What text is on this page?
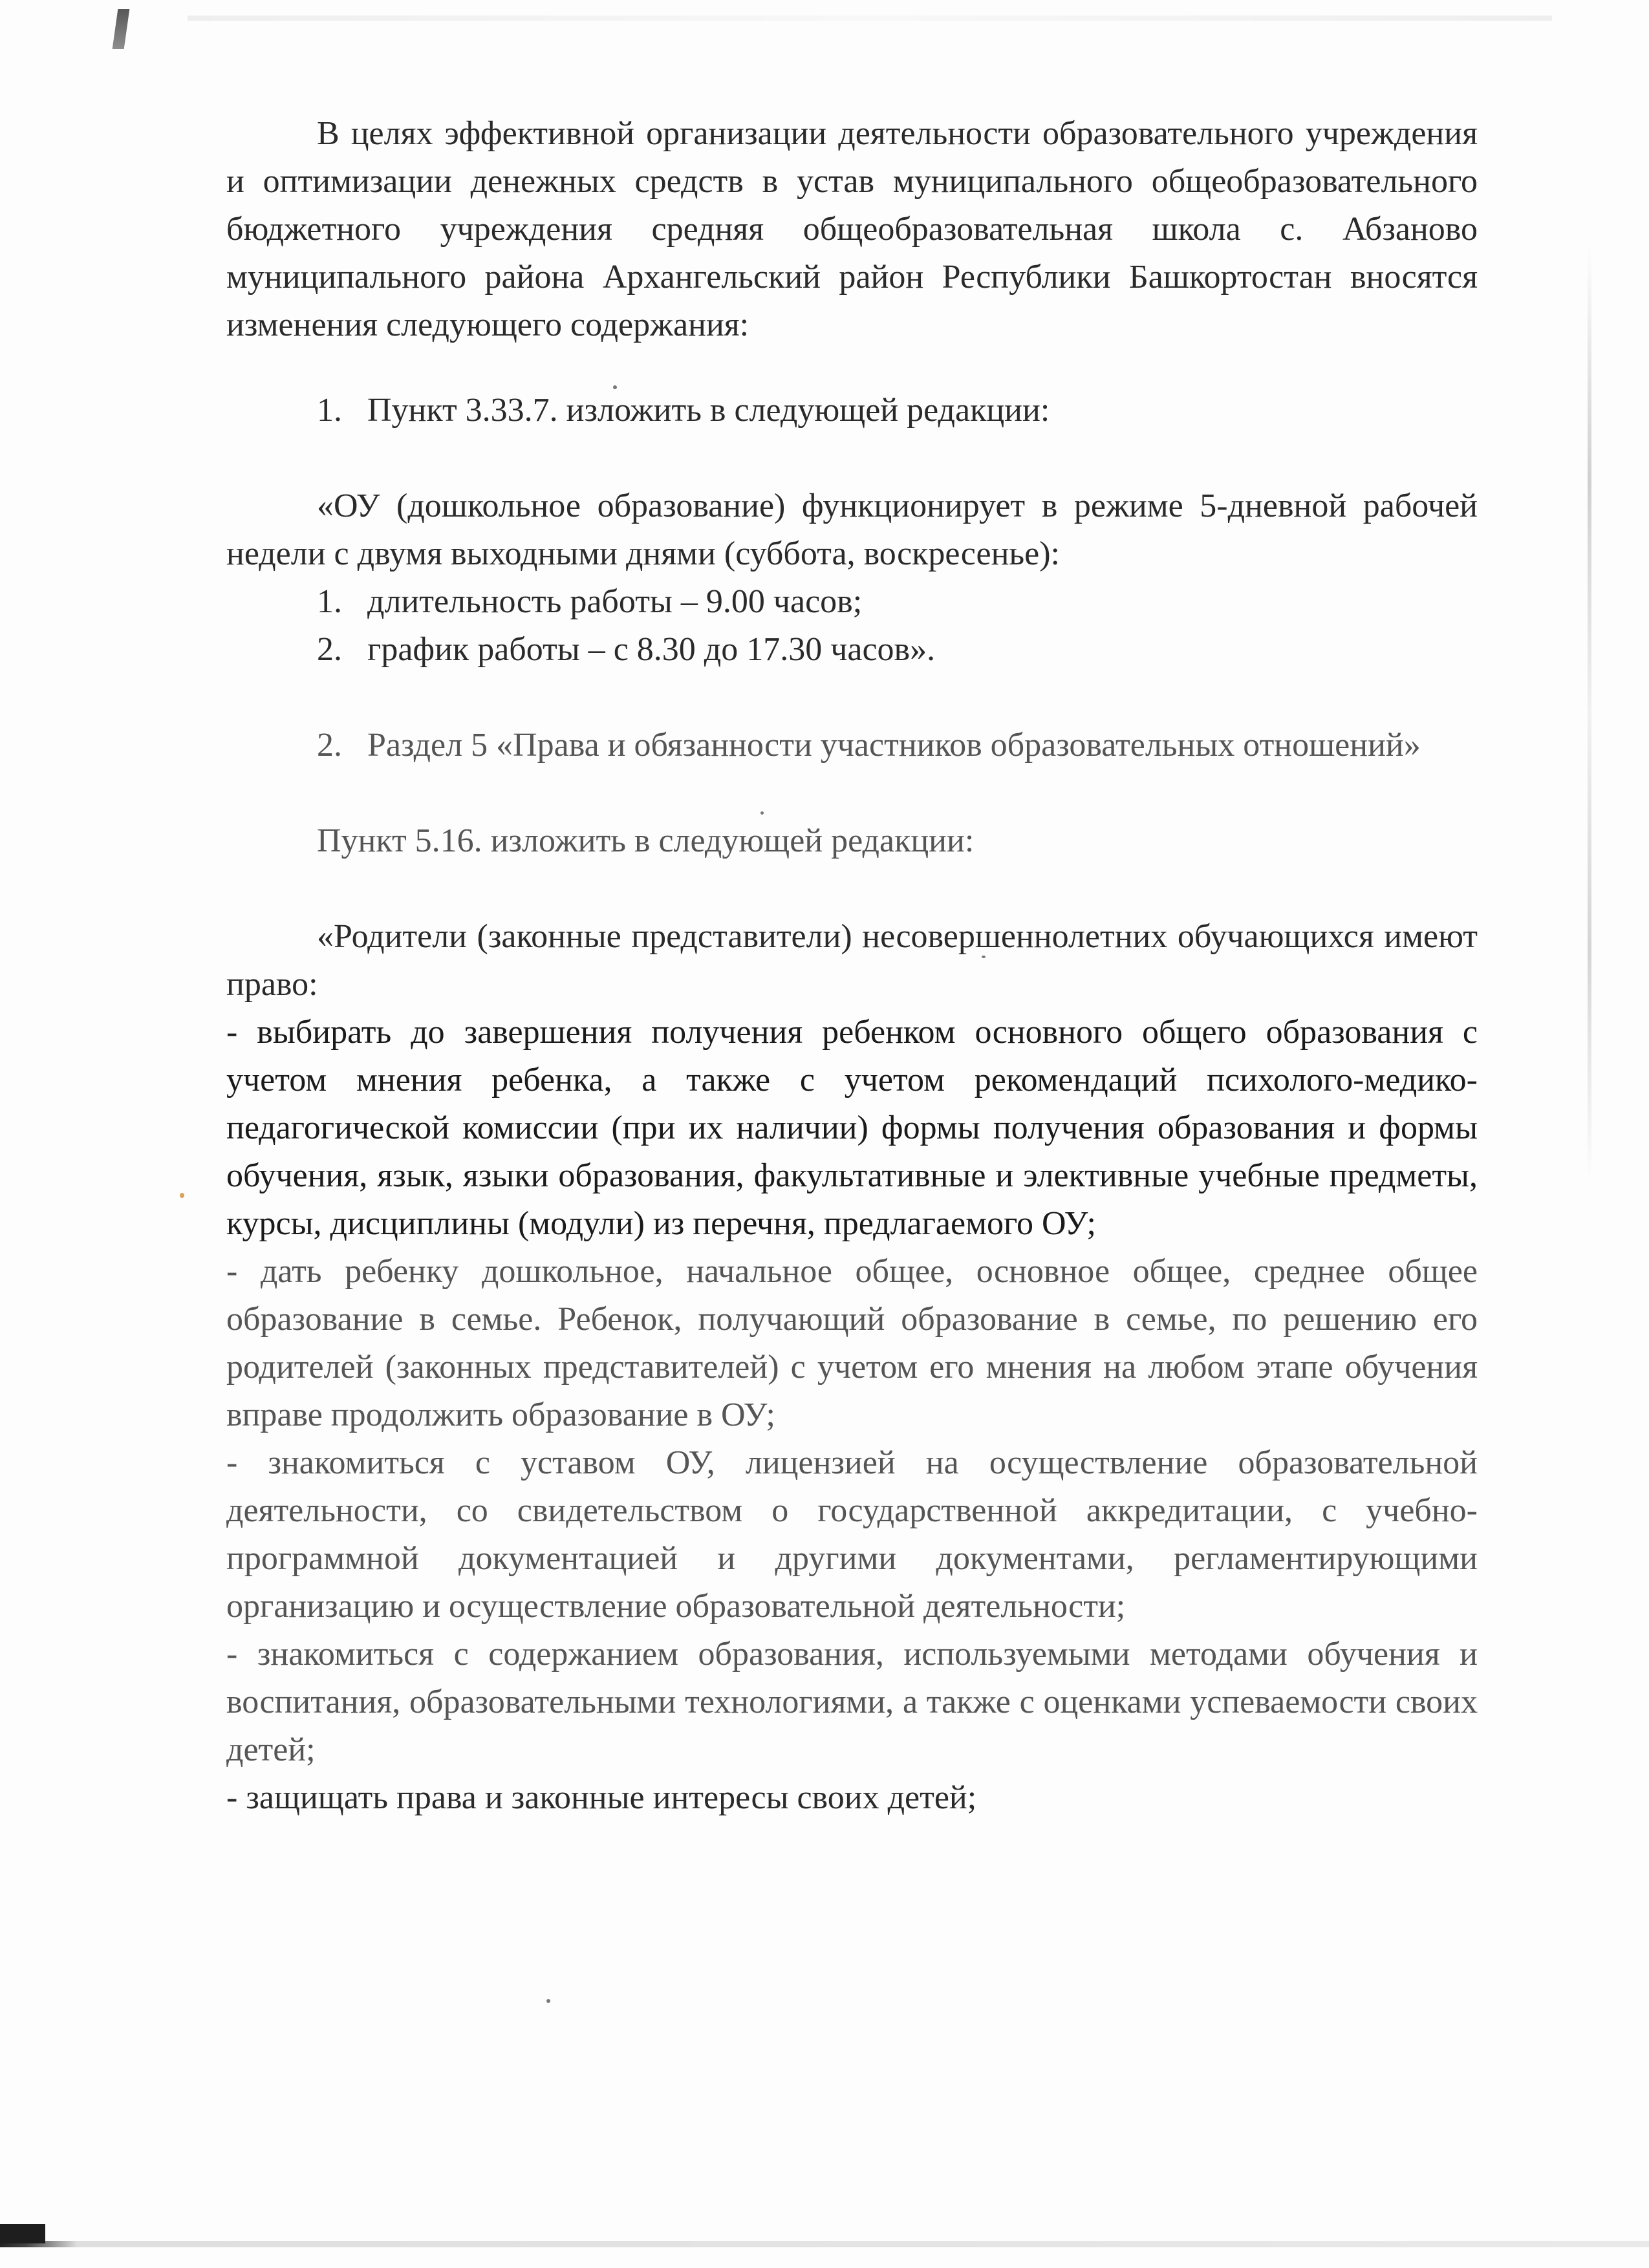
В целях эффективной организации деятельности образовательного учреждения и оптимизации денежных средств в устав муниципального общеобразовательного бюджетного учреждения средняя общеобразовательная школа с. Абзаново муниципального района Архангельский район Республики Башкортостан вносятся изменения следующего содержания:

1. Пункт 3.33.7. изложить в следующей редакции:

«ОУ (дошкольное образование) функционирует в режиме 5-дневной рабочей недели с двумя выходными днями (суббота, воскресенье):

1. длительность работы – 9.00 часов;

2. график работы – с 8.30 до 17.30 часов».

2. Раздел 5 «Права и обязанности участников образовательных отношений»

Пункт 5.16. изложить в следующей редакции:

«Родители (законные представители) несовершеннолетних обучающихся имеют право:

- выбирать до завершения получения ребенком основного общего образования с учетом мнения ребенка, а также с учетом рекомендаций психолого-медико-педагогической комиссии (при их наличии) формы получения образования и формы обучения, язык, языки образования, факультативные и элективные учебные предметы, курсы, дисциплины (модули) из перечня, предлагаемого ОУ;

- дать ребенку дошкольное, начальное общее, основное общее, среднее общее образование в семье. Ребенок, получающий образование в семье, по решению его родителей (законных представителей) с учетом его мнения на любом этапе обучения вправе продолжить образование в ОУ;

- знакомиться с уставом ОУ, лицензией на осуществление образовательной деятельности, со свидетельством о государственной аккредитации, с учебно-программной документацией и другими документами, регламентирующими организацию и осуществление образовательной деятельности;

- знакомиться с содержанием образования, используемыми методами обучения и воспитания, образовательными технологиями, а также с оценками успеваемости своих детей;

- защищать права и законные интересы своих детей;
